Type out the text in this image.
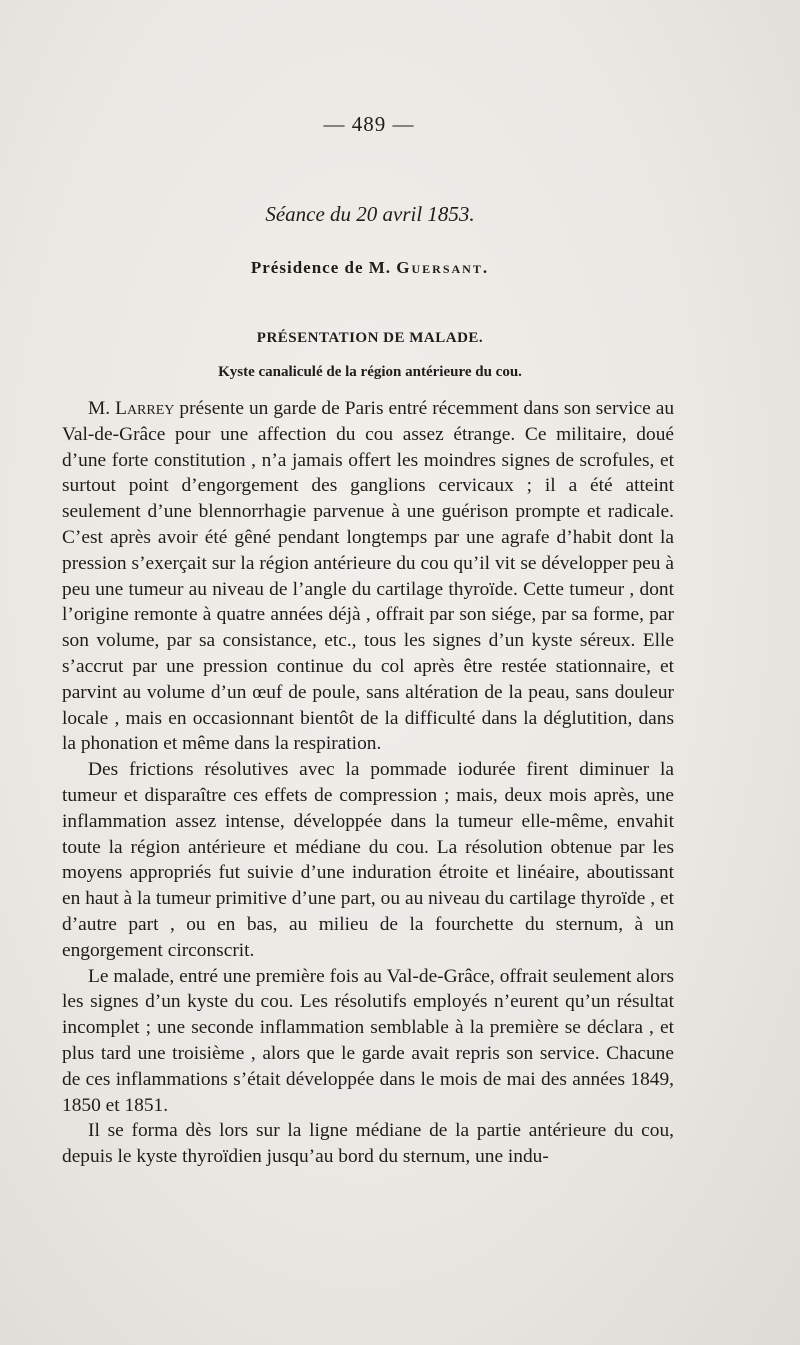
— 489 —
Séance du 20 avril 1853.
Présidence de M. Guersant.
PRÉSENTATION DE MALADE.
Kyste canaliculé de la région antérieure du cou.

M. Larrey présente un garde de Paris entré récemment dans son service au Val-de-Grâce pour une affection du cou assez étrange. Ce militaire, doué d’une forte constitution , n’a jamais offert les moindres signes de scrofules, et surtout point d’engorgement des ganglions cervicaux ; il a été atteint seulement d’une blennorrhagie parvenue à une guérison prompte et radicale. C’est après avoir été gêné pendant longtemps par une agrafe d’habit dont la pression s’exerçait sur la région antérieure du cou qu’il vit se développer peu à peu une tumeur au niveau de l’angle du cartilage thyroïde. Cette tumeur , dont l’origine remonte à quatre années déjà , offrait par son siége, par sa forme, par son volume, par sa consistance, etc., tous les signes d’un kyste séreux. Elle s’accrut par une pression continue du col après être restée stationnaire, et parvint au volume d’un œuf de poule, sans altération de la peau, sans douleur locale , mais en occasionnant bientôt de la difficulté dans la déglutition, dans la phonation et même dans la respiration.

Des frictions résolutives avec la pommade iodurée firent diminuer la tumeur et disparaître ces effets de compression ; mais, deux mois après, une inflammation assez intense, développée dans la tumeur elle-même, envahit toute la région antérieure et médiane du cou. La résolution obtenue par les moyens appropriés fut suivie d’une induration étroite et linéaire, aboutissant en haut à la tumeur primitive d’une part, ou au niveau du cartilage thyroïde , et d’autre part , ou en bas, au milieu de la fourchette du sternum, à un engorgement circonscrit.

Le malade, entré une première fois au Val-de-Grâce, offrait seulement alors les signes d’un kyste du cou. Les résolutifs employés n’eurent qu’un résultat incomplet ; une seconde inflammation semblable à la première se déclara , et plus tard une troisième , alors que le garde avait repris son service. Chacune de ces inflammations s’était développée dans le mois de mai des années 1849, 1850 et 1851.

Il se forma dès lors sur la ligne médiane de la partie antérieure du cou, depuis le kyste thyroïdien jusqu’au bord du sternum, une indu-
